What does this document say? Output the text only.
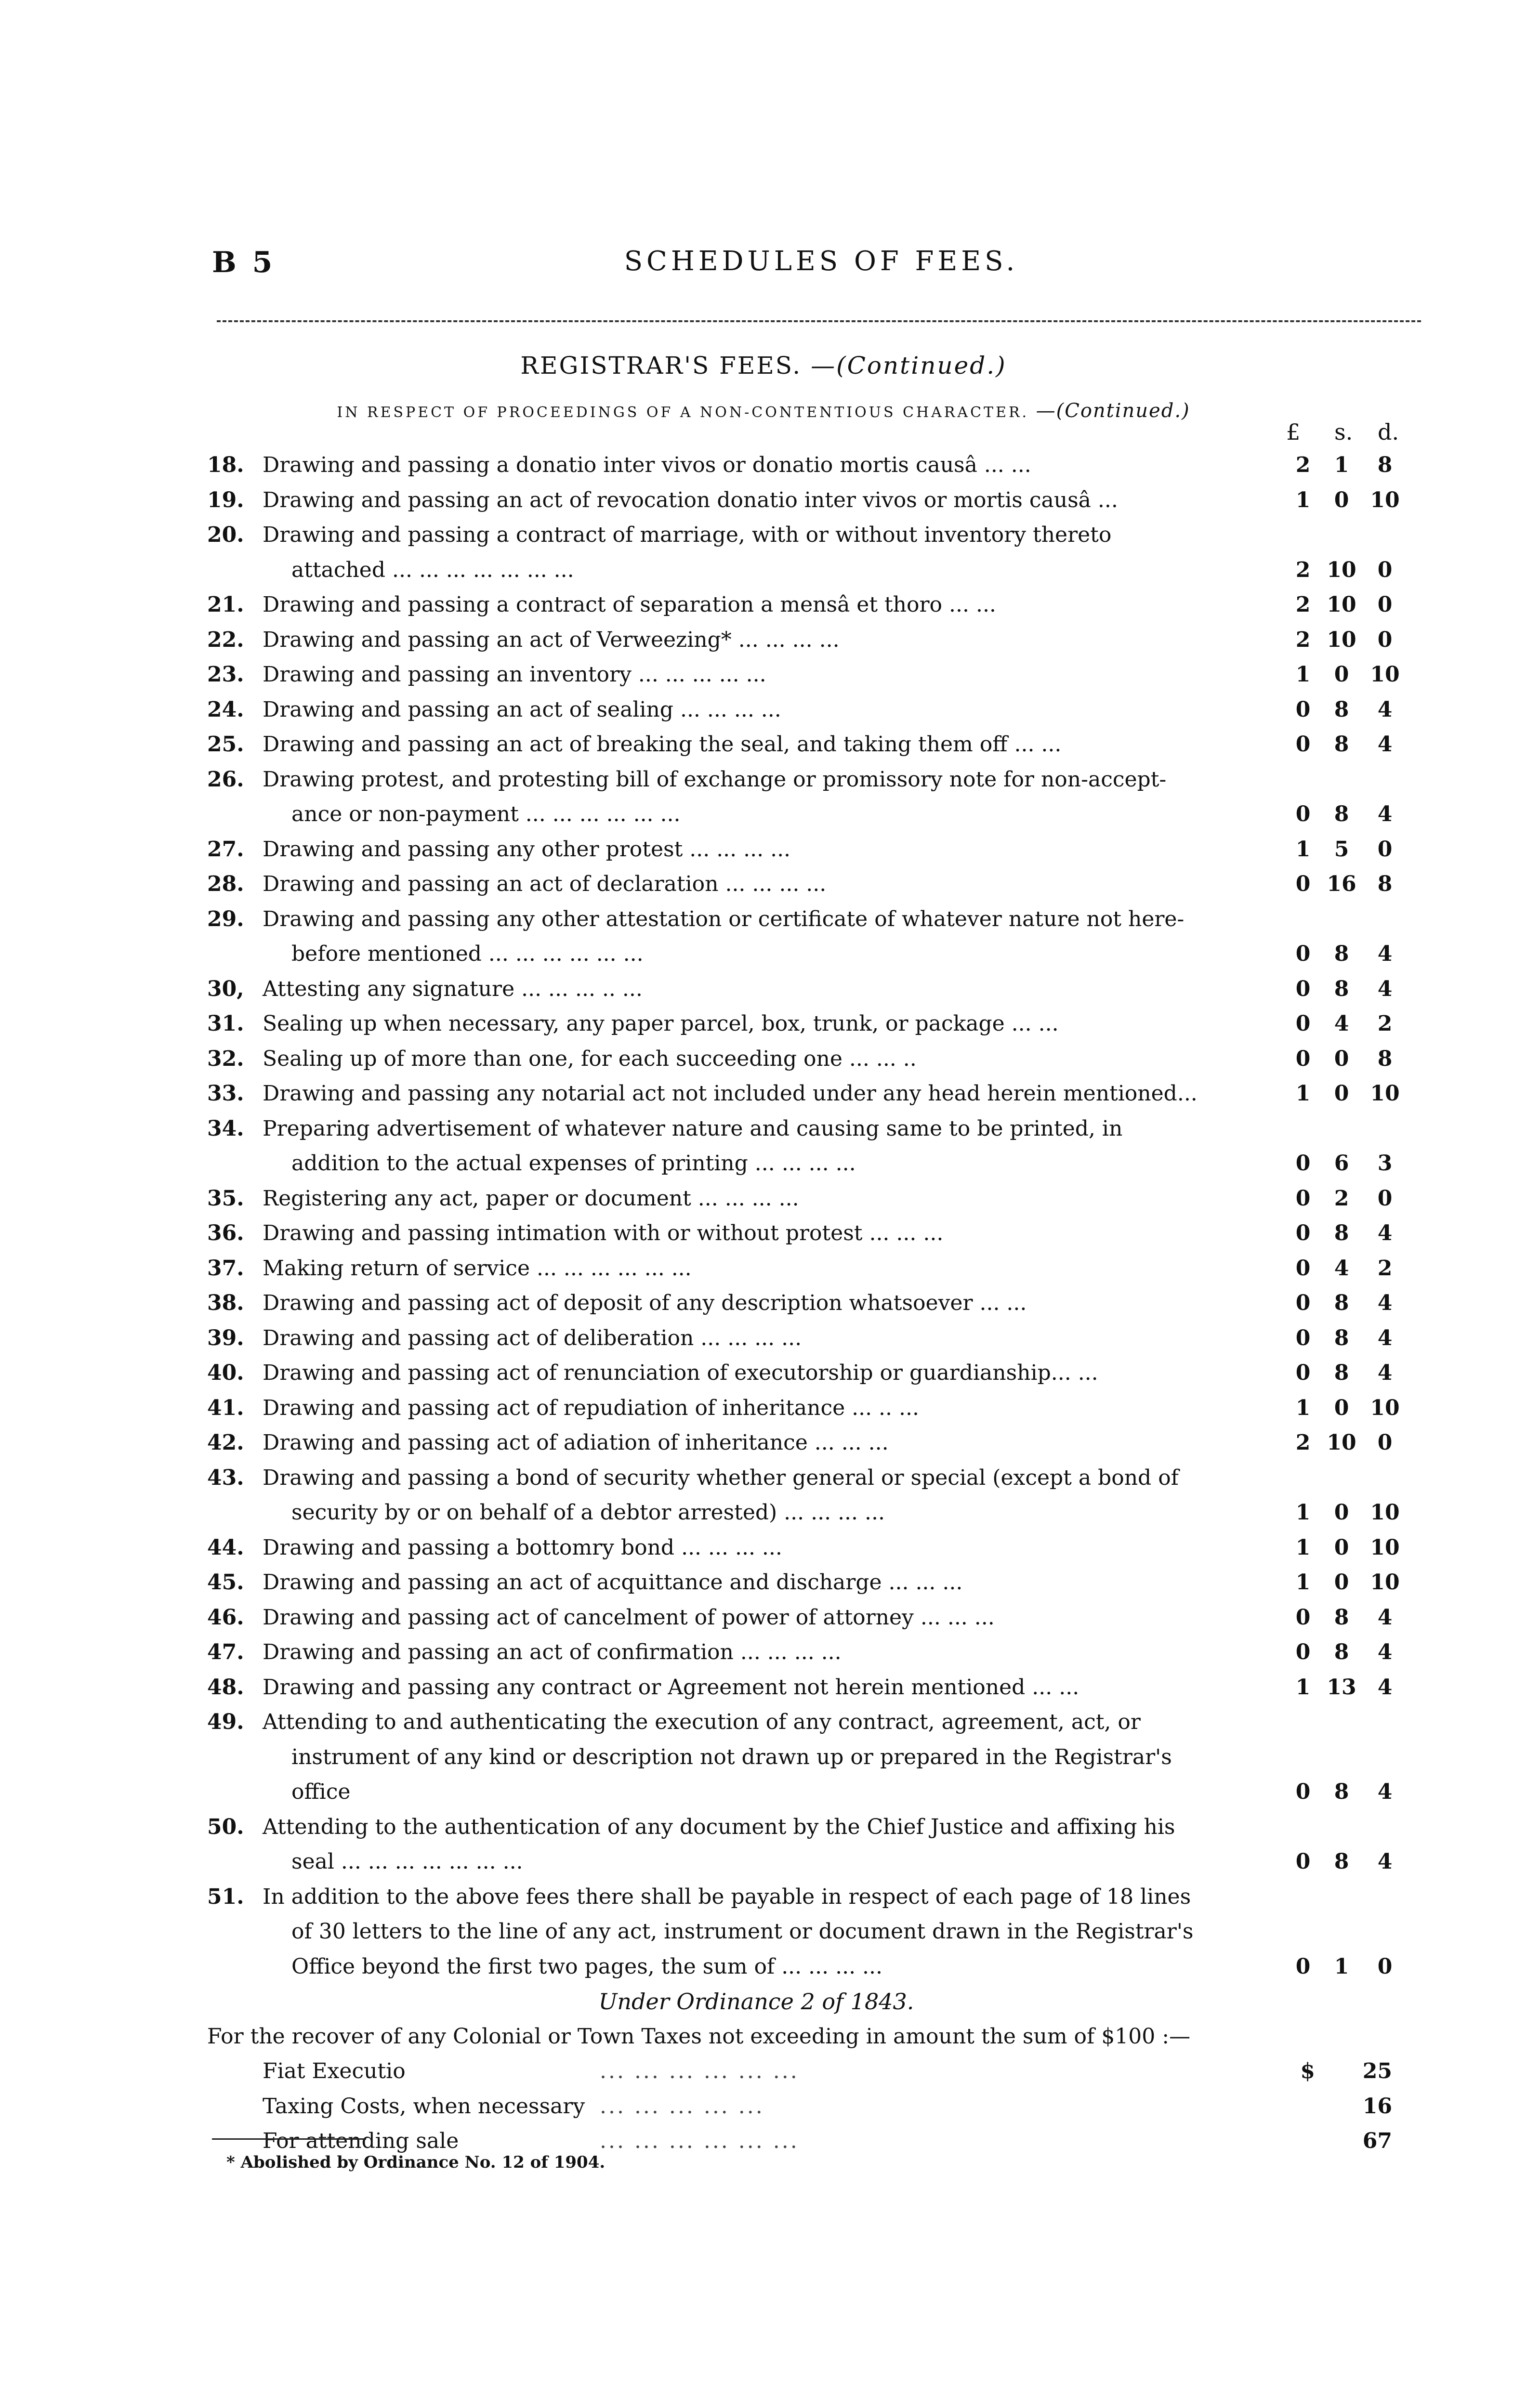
B 5	SCHEDULES OF FEES.
REGISTRAR'S FEES. —(Continued.)
IN RESPECT OF PROCEEDINGS OF A NON-CONTENTIOUS CHARACTER. —(Continued.)
£ s. d.
18. Drawing and passing a donatio inter vivos or donatio mortis causâ ... ...	2	1	8
19. Drawing and passing an act of revocation donatio inter vivos or mortis causâ ...	1	0	10
20. Drawing and passing a contract of marriage, with or without inventory thereto
attached ... ... ... ... ... ... ...	2 10	0
21. Drawing and passing a contract of separation a mensâ et thoro ... ...	2 10	0
22. Drawing and passing an act of Verweezing* ... ... ... ...	2 10	0
23. Drawing and passing an inventory ... ... ... ... ...	1	0	10
24. Drawing and passing an act of sealing ... ... ... ...	0	8	4
25. Drawing and passing an act of breaking the seal, and taking them off ... ...	0	8	4
26. Drawing protest, and protesting bill of exchange or promissory note for non-accept-
ance or non-payment ... ... ... ... ... ...	0	8	4
27. Drawing and passing any other protest ... ... ... ...	1	5	0
28. Drawing and passing an act of declaration ... ... ... ...	0 16	8
29. Drawing and passing any other attestation or certificate of whatever nature not here-
before mentioned ... ... ... ... ... ...	0	8	4
30, Attesting any signature ... ... ... .. ...	0	8	4
31. Sealing up when necessary, any paper parcel, box, trunk, or package ... ...	0	4	2
32. Sealing up of more than one, for each succeeding one ... ... ..	0	0	8
33. Drawing and passing any notarial act not included under any head herein mentioned...	1	0	10
34. Preparing advertisement of whatever nature and causing same to be printed, in
addition to the actual expenses of printing ... ... ... ...	0	6	3
35. Registering any act, paper or document ... ... ... ...	0	2	0
36. Drawing and passing intimation with or without protest ... ... ...	0	8	4
37. Making return of service ... ... ... ... ... ...	0	4	2
38. Drawing and passing act of deposit of any description whatsoever ... ...	0	8	4
39. Drawing and passing act of deliberation ... ... ... ...	0	8	4
40. Drawing and passing act of renunciation of executorship or guardianship... ...	0	8	4
41. Drawing and passing act of repudiation of inheritance ... .. ...	1	0	10
42. Drawing and passing act of adiation of inheritance ... ... ...	2 10	0
43. Drawing and passing a bond of security whether general or special (except a bond of
security by or on behalf of a debtor arrested) ... ... ... ...	1	0	10
44. Drawing and passing a bottomry bond ... ... ... ...	1	0	10
45. Drawing and passing an act of acquittance and discharge ... ... ...	1	0	10
46. Drawing and passing act of cancelment of power of attorney ... ... ...	0	8	4
47. Drawing and passing an act of confirmation ... ... ... ...	0	8	4
48. Drawing and passing any contract or Agreement not herein mentioned ... ...	1 13	4
49. Attending to and authenticating the execution of any contract, agreement, act, or
instrument of any kind or description not drawn up or prepared in the Registrar's office	0	8	4
50. Attending to the authentication of any document by the Chief Justice and affixing his
seal ... ... ... ... ... ... ...	0	8	4
51. In addition to the above fees there shall be payable in respect of each page of 18 lines
of 30 letters to the line of any act, instrument or document drawn in the Registrar's
Office beyond the first two pages, the sum of ... ... ... ...	0	1	0
Under Ordinance 2 of 1843.
For the recover of any Colonial or Town Taxes not exceeding in amount the sum of $100 :—
Fiat Executio	... ... ... ... ... ...	$	25
Taxing Costs, when necessary ... ... ... ... ...	16
For attending sale	... ... ... ... ... ...	67
* Abolished by Ordinance No. 12 of 1904.
